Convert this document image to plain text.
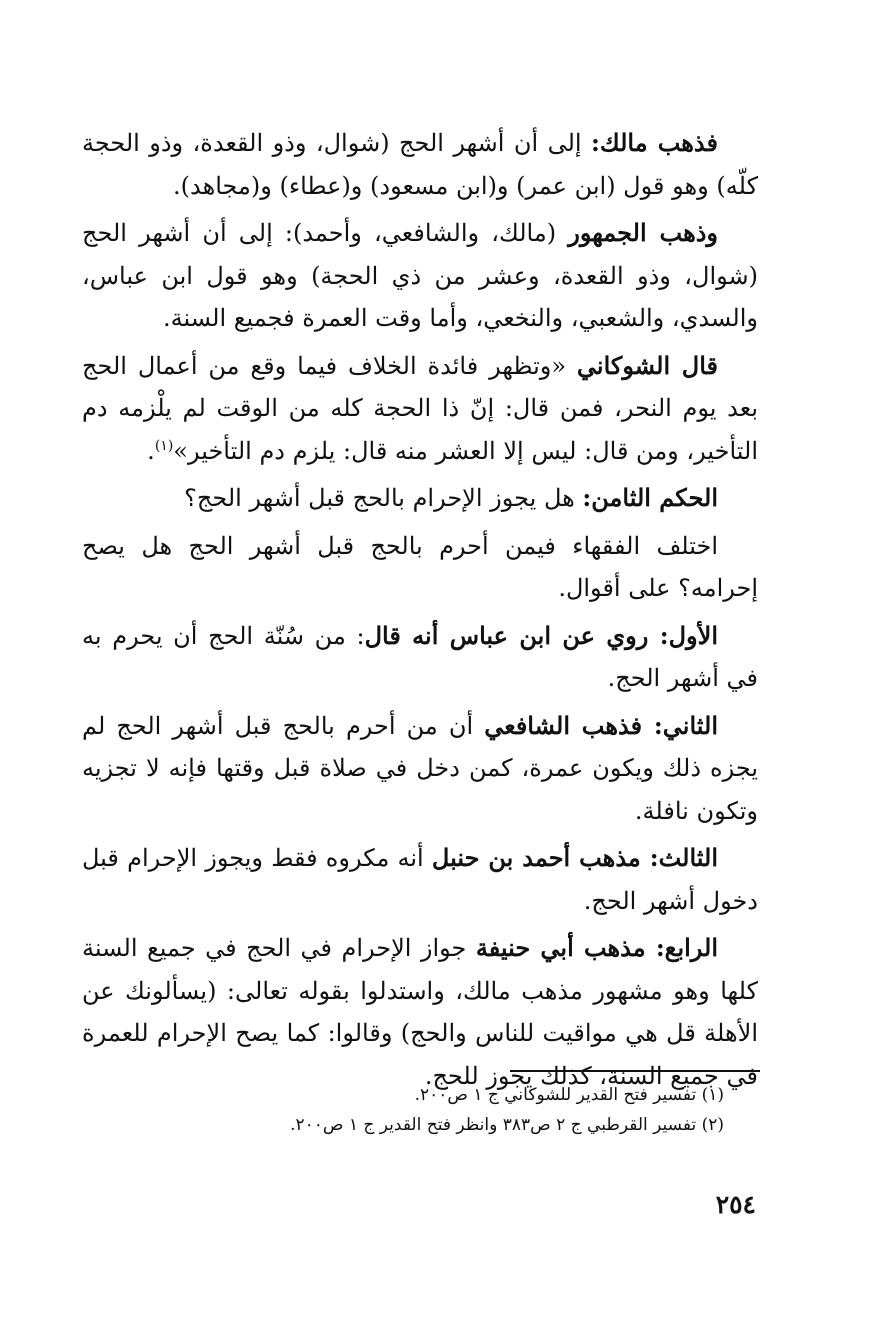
فذهب مالك: إلى أن أشهر الحج (شوال، وذو القعدة، وذو الحجة كلّه) وهو قول (ابن عمر) و(ابن مسعود) و(عطاء) و(مجاهد).

وذهب الجمهور (مالك، والشافعي، وأحمد): إلى أن أشهر الحج (شوال، وذو القعدة، وعشر من ذي الحجة) وهو قول ابن عباس، والسدي، والشعبي، والنخعي، وأما وقت العمرة فجميع السنة.

قال الشوكاني «وتظهر فائدة الخلاف فيما وقع من أعمال الحج بعد يوم النحر، فمن قال: إنّ ذا الحجة كله من الوقت لم يلْزمه دم التأخير، ومن قال: ليس إلا العشر منه قال: يلزم دم التأخير»$^{(١)}$.

الحكم الثامن: هل يجوز الإحرام بالحج قبل أشهر الحج؟

اختلف الفقهاء فيمن أحرم بالحج قبل أشهر الحج هل يصح إحرامه؟ على أقوال.

الأول: روي عن ابن عباس أنه قال: من سُنّة الحج أن يحرم به في أشهر الحج.

الثاني: فذهب الشافعي أن من أحرم بالحج قبل أشهر الحج لم يجزه ذلك ويكون عمرة، كمن دخل في صلاة قبل وقتها فإنه لا تجزيه وتكون نافلة.

الثالث: مذهب أحمد بن حنبل أنه مكروه فقط ويجوز الإحرام قبل دخول أشهر الحج.

الرابع: مذهب أبي حنيفة جواز الإحرام في الحج في جميع السنة كلها وهو مشهور مذهب مالك، واستدلوا بقوله تعالى: (يسألونك عن الأهلة قل هي مواقيت للناس والحج) وقالوا: كما يصح الإحرام للعمرة في جميع السنة، كذلك يجوز للحج.

(١) تفسير فتح القدير للشوكاني ج ١ ص٢٠٠.

(٢) تفسير القرطبي ج ٢ ص٣٨٣ وانظر فتح القدير ج ١ ص٢٠٠.

٢٥٤
